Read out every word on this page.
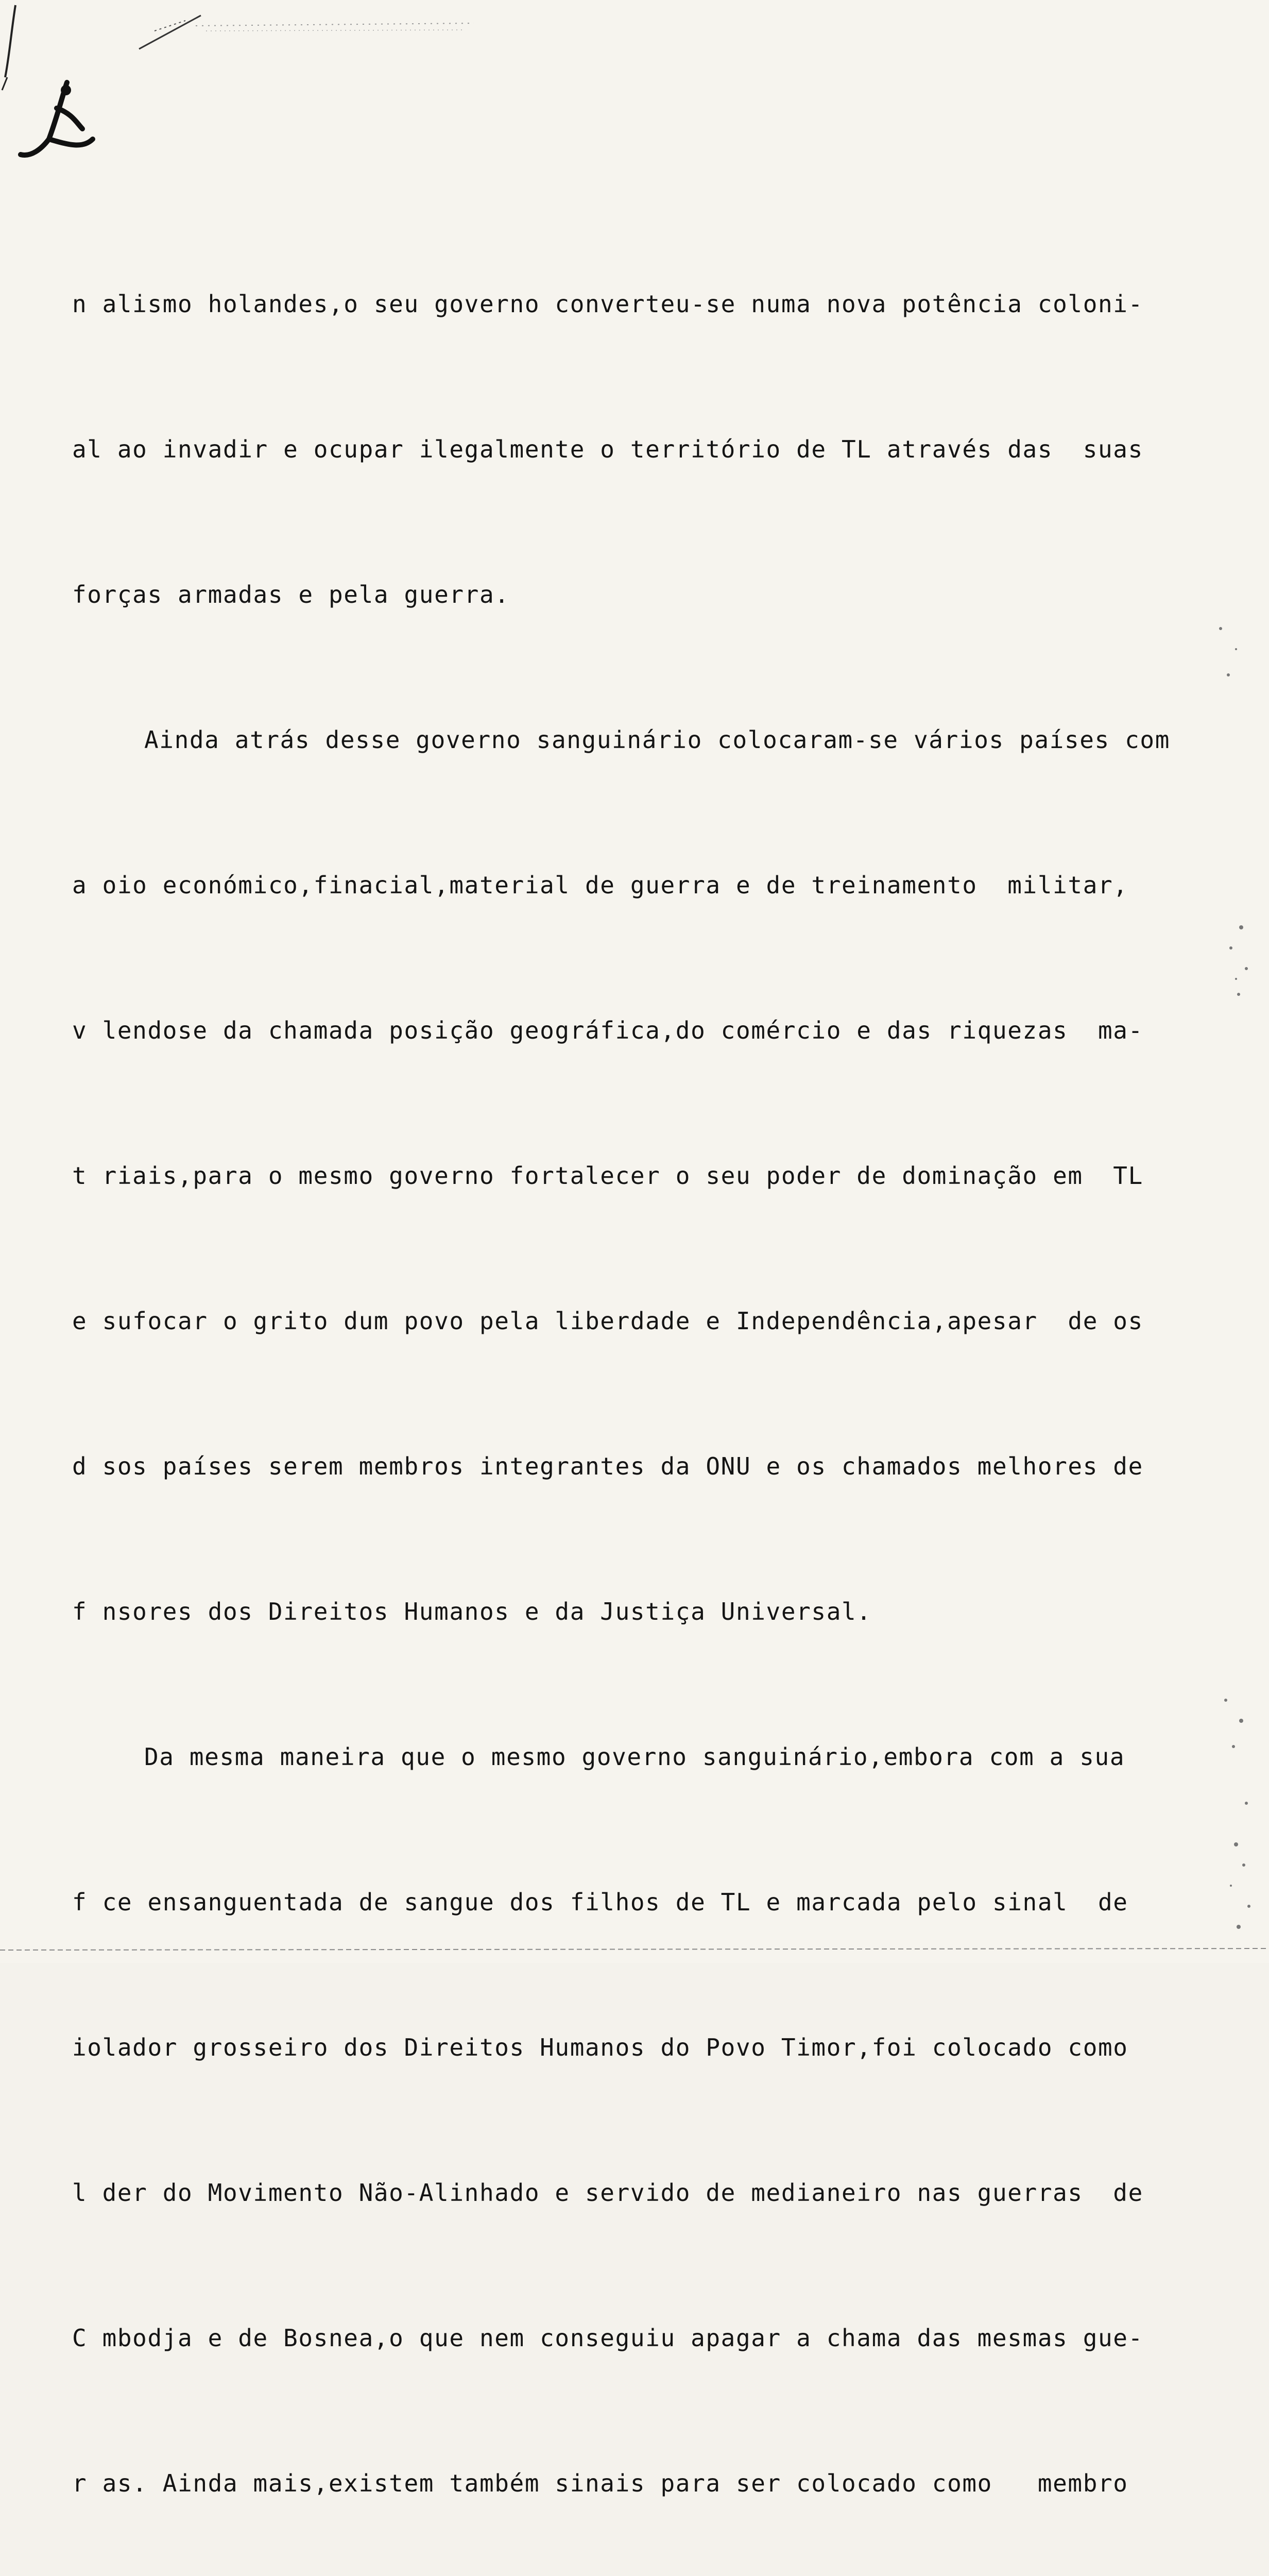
n alismo holandes,o seu governo converteu-se numa nova potência coloni-

al ao invadir e ocupar ilegalmente o território de TL através das  suas

forças armadas e pela guerra.

Ainda atrás desse governo sanguinário colocaram-se vários países com

a oio económico,finacial,material de guerra e de treinamento  militar,

v lendose da chamada posição geográfica,do comércio e das riquezas  ma-

t riais,para o mesmo governo fortalecer o seu poder de dominação em  TL

e sufocar o grito dum povo pela liberdade e Independência,apesar  de os

d sos países serem membros integrantes da ONU e os chamados melhores de

f nsores dos Direitos Humanos e da Justiça Universal.

Da mesma maneira que o mesmo governo sanguinário,embora com a sua

f ce ensanguentada de sangue dos filhos de TL e marcada pelo sinal  de

iolador grosseiro dos Direitos Humanos do Povo Timor,foi colocado como

l der do Movimento Não-Alinhado e servido de medianeiro nas guerras  de

C mbodja e de Bosnea,o que nem conseguiu apagar a chama das mesmas gue-

r as. Ainda mais,existem também sinais para ser colocado como   membro
